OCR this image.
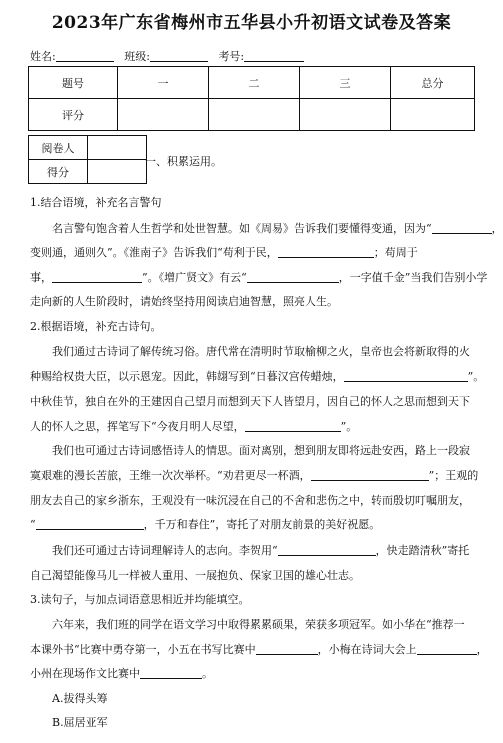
2023年广东省梅州市五华县小升初语文试卷及答案
姓名:	班级:	考号:
题号	一	二	三	总分
评分				
阅卷人	
得分	
一、积累运用。
1.结合语境，补充名言警句
名言警句饱含着人生哲学和处世智慧。如《周易》告诉我们要懂得变通，因为“	，
变则通，通则久”。《淮南子》告诉我们“苟利于民，	；苟周于
事，	”。《增广贤文》有云“	，一字值千金”当我们告别小学
走向新的人生阶段时，请始终坚持用阅读启迪智慧，照亮人生。
2.根据语境，补充古诗句。
我们通过古诗词了解传统习俗。唐代常在清明时节取榆柳之火，皇帝也会将新取得的火
种赐给权贵大臣，以示恩宠。因此，韩翃写到“日暮汉宫传蜡烛，	”。
中秋佳节，独自在外的王建因自己望月而想到天下人皆望月，因自己的怀人之思而想到天下
人的怀人之思，挥笔写下“今夜月明人尽望，	”。
我们也可通过古诗词感悟诗人的情思。面对离别，想到朋友即将远赴安西，路上一段寂
寞艰难的漫长苦旅，王维一次次举杯。“劝君更尽一杯酒，	”；王观的
朋友去自己的家乡浙东，王观没有一味沉浸在自己的不舍和悲伤之中，转而殷切叮嘱朋友，
“	，千万和春住”，寄托了对朋友前景的美好祝愿。
我们还可通过古诗词理解诗人的志向。李贺用“	，快走踏清秋”寄托
自己渴望能像马儿一样被人重用、一展抱负、保家卫国的雄心壮志。
3.读句子，与加点词语意思相近并均能填空。
六年来，我们班的同学在语文学习中取得累累硕果，荣获多项冠军。如小华在“推荐一
本课外书“比赛中勇夺第一，小五在书写比赛中	，小梅在诗词大会上	，
小州在现场作文比赛中	。
A.拔得头筹
B.屈居亚军
